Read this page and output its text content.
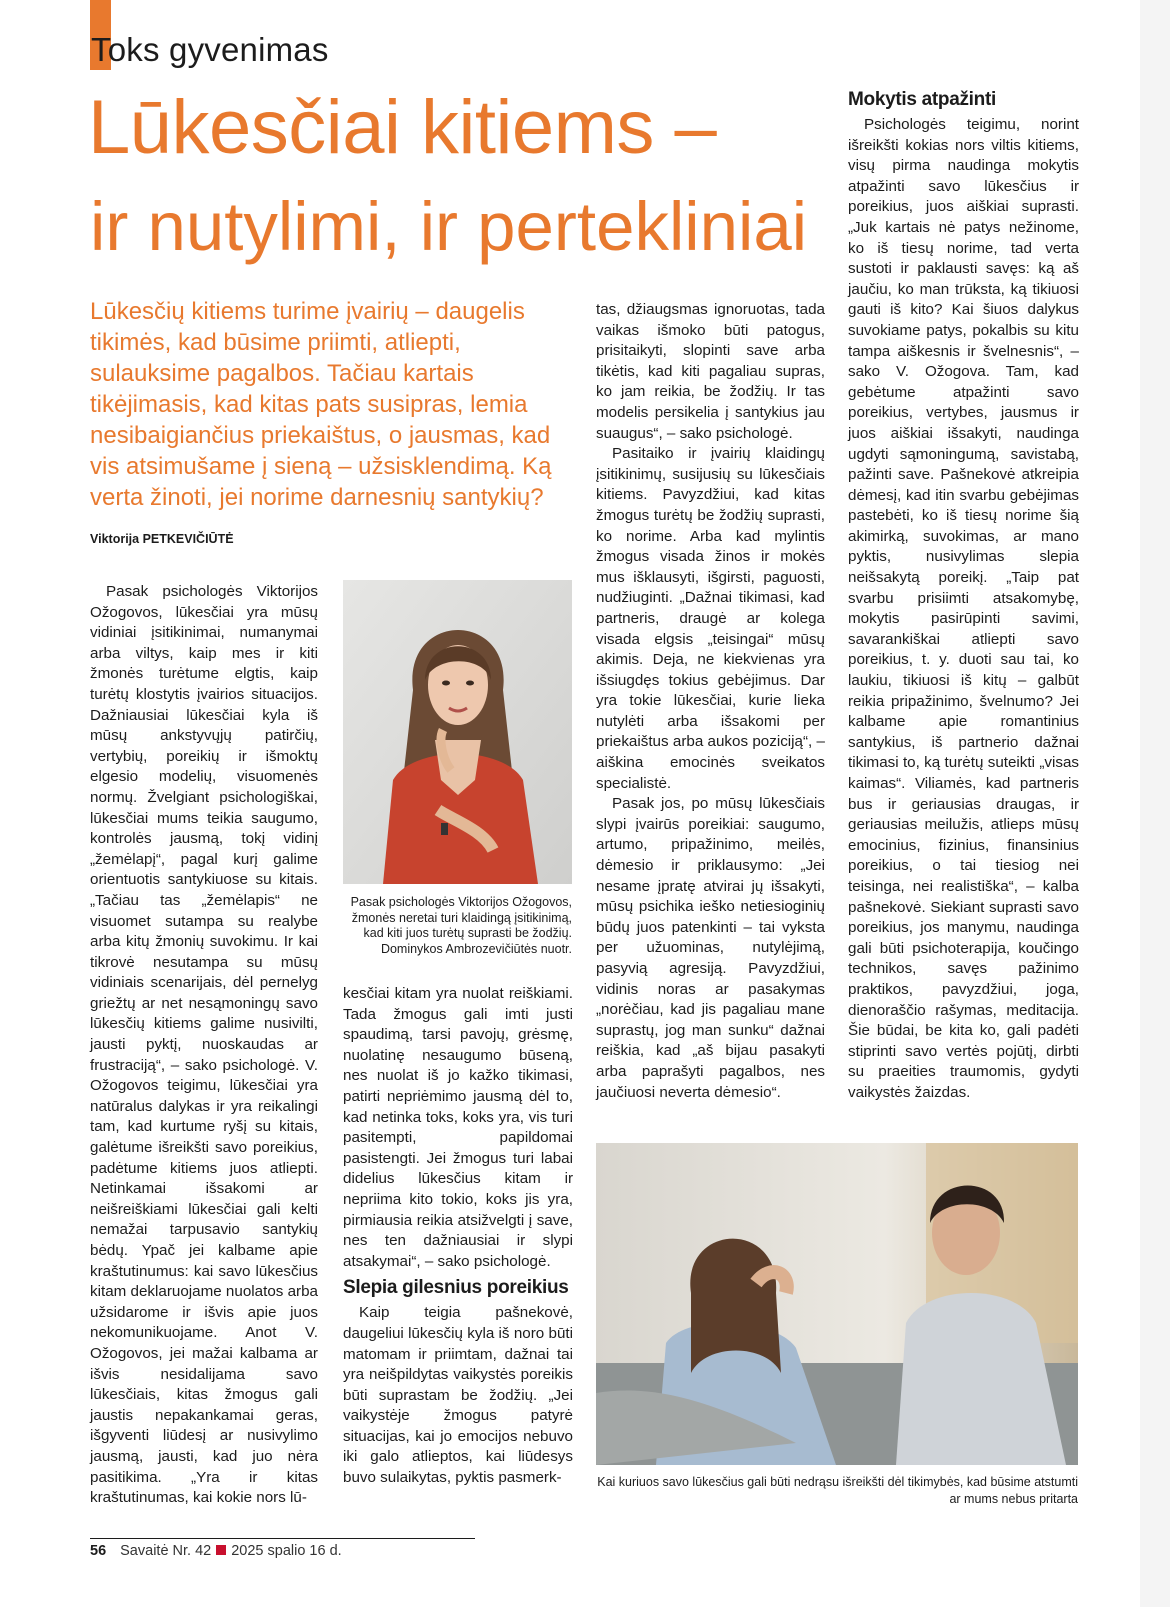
Toks gyvenimas
Lūkesčiai kitiems –
ir nutylimi, ir pertekliniai
Lūkesčių kitiems turime įvairių – daugelis tikimės, kad būsime priimti, atliepti, sulauksime pagalbos. Tačiau kartais tikėjimasis, kad kitas pats susipras, lemia nesibaigiančius priekaištus, o jausmas, kad vis atsimušame į sieną – užsisklendimą. Ką verta žinoti, jei norime darnesnių santykių?
Viktorija PETKEVIČIŪTĖ

Pasak psichologės Viktorijos Ožogovos, lūkesčiai yra mūsų vidiniai įsitikinimai, numanymai arba viltys, kaip mes ir kiti žmonės turėtume elgtis, kaip turėtų klostytis įvairios situacijos. Dažniausiai lūkesčiai kyla iš mūsų ankstyvųjų patirčių, vertybių, poreikių ir išmoktų elgesio modelių, visuomenės normų. Žvelgiant psichologiškai, lūkesčiai mums teikia saugumo, kontrolės jausmą, tokį vidinį „žemėlapį“, pagal kurį galime orientuotis santykiuose su kitais. „Tačiau tas „žemėlapis“ ne visuomet sutampa su realybe arba kitų žmonių suvokimu. Ir kai tikrovė nesutampa su mūsų vidiniais scenarijais, dėl pernelyg griežtų ar net nesąmoningų savo lūkesčių kitiems galime nusivilti, jausti pyktį, nuoskaudas ar frustraciją“, – sako psichologė. V. Ožogovos teigimu, lūkesčiai yra natūralus dalykas ir yra reikalingi tam, kad kurtume ryšį su kitais, galėtume išreikšti savo poreikius, padėtume kitiems juos atliepti. Netinkamai išsakomi ar neišreiškiami lūkesčiai gali kelti nemažai tarpusavio santykių bėdų. Ypač jei kalbame apie kraštutinumus: kai savo lūkesčius kitam deklaruojame nuolatos arba užsidarome ir išvis apie juos nekomunikuojame. Anot V. Ožogovos, jei mažai kalbama ar išvis nesidalijama savo lūkesčiais, kitas žmogus gali jaustis nepakankamai geras, išgyventi liūdesį ar nusivylimo jausmą, jausti, kad juo nėra pasitikima. „Yra ir kitas kraštutinumas, kai kokie nors lū-

Pasak psichologės Viktorijos Ožogovos, žmonės neretai turi klaidingą įsitikinimą, kad kiti juos turėtų suprasti be žodžių.
Dominykos Ambrozevičiūtės nuotr.

kesčiai kitam yra nuolat reiškiami. Tada žmogus gali imti justi spaudimą, tarsi pavojų, grėsmę, nuolatinę nesaugumo būseną, nes nuolat iš jo kažko tikimasi, patirti nepriėmimo jausmą dėl to, kad netinka toks, koks yra, vis turi pasitempti, papildomai pasistengti. Jei žmogus turi labai didelius lūkesčius kitam ir nepriima kito tokio, koks jis yra, pirmiausia reikia atsižvelgti į save, nes ten dažniausiai ir slypi atsakymai“, – sako psichologė.

Slepia gilesnius poreikius

Kaip teigia pašnekovė, daugeliui lūkesčių kyla iš noro būti matomam ir priimtam, dažnai tai yra neišpildytas vaikystės poreikis būti suprastam be žodžių. „Jei vaikystėje žmogus patyrė situacijas, kai jo emocijos nebuvo iki galo atlieptos, kai liūdesys buvo sulaikytas, pyktis pasmerk-

tas, džiaugsmas ignoruotas, tada vaikas išmoko būti patogus, prisitaikyti, slopinti save arba tikėtis, kad kiti pagaliau supras, ko jam reikia, be žodžių. Ir tas modelis persikelia į santykius jau suaugus“, – sako psichologė.

Pasitaiko ir įvairių klaidingų įsitikinimų, susijusių su lūkesčiais kitiems. Pavyzdžiui, kad kitas žmogus turėtų be žodžių suprasti, ko norime. Arba kad mylintis žmogus visada žinos ir mokės mus išklausyti, išgirsti, paguosti, nudžiuginti. „Dažnai tikimasi, kad partneris, draugė ar kolega visada elgsis „teisingai“ mūsų akimis. Deja, ne kiekvienas yra išsiugdęs tokius gebėjimus. Dar yra tokie lūkesčiai, kurie lieka nutylėti arba išsakomi per priekaištus arba aukos poziciją“, – aiškina emocinės sveikatos specialistė.

Pasak jos, po mūsų lūkesčiais slypi įvairūs poreikiai: saugumo, artumo, pripažinimo, meilės, dėmesio ir priklausymo: „Jei nesame įpratę atvirai jų išsakyti, mūsų psichika ieško netiesioginių būdų juos patenkinti – tai vyksta per užuominas, nutylėjimą, pasyvią agresiją. Pavyzdžiui, vidinis noras ar pasakymas „norėčiau, kad jis pagaliau mane suprastų, jog man sunku“ dažnai reiškia, kad „aš bijau pasakyti arba paprašyti pagalbos, nes jaučiuosi neverta dėmesio“.

Mokytis atpažinti

Psichologės teigimu, norint išreikšti kokias nors viltis kitiems, visų pirma naudinga mokytis atpažinti savo lūkesčius ir poreikius, juos aiškiai suprasti. „Juk kartais nė patys nežinome, ko iš tiesų norime, tad verta sustoti ir paklausti savęs: ką aš jaučiu, ko man trūksta, ką tikiuosi gauti iš kito? Kai šiuos dalykus suvokiame patys, pokalbis su kitu tampa aiškesnis ir švelnesnis“, – sako V. Ožogova. Tam, kad gebėtume atpažinti savo poreikius, vertybes, jausmus ir juos aiškiai išsakyti, naudinga ugdyti sąmoningumą, savistabą, pažinti save. Pašnekovė atkreipia dėmesį, kad itin svarbu gebėjimas pastebėti, ko iš tiesų norime šią akimirką, suvokimas, ar mano pyktis, nusivylimas slepia neišsakytą poreikį. „Taip pat svarbu prisiimti atsakomybę, mokytis pasirūpinti savimi, savarankiškai atliepti savo poreikius, t. y. duoti sau tai, ko laukiu, tikiuosi iš kitų – galbūt reikia pripažinimo, švelnumo? Jei kalbame apie romantinius santykius, iš partnerio dažnai tikimasi to, ką turėtų suteikti „visas kaimas“. Viliamės, kad partneris bus ir geriausias draugas, ir geriausias meilužis, atlieps mūsų emocinius, fizinius, finansinius poreikius, o tai tiesiog nei teisinga, nei realistiška“, – kalba pašnekovė. Siekiant suprasti savo poreikius, jos manymu, naudinga gali būti psichoterapija, koučingo technikos, savęs pažinimo praktikos, pavyzdžiui, joga, dienoraščio rašymas, meditacija. Šie būdai, be kita ko, gali padėti stiprinti savo vertės pojūtį, dirbti su praeities traumomis, gydyti vaikystės žaizdas.

Kai kuriuos savo lūkesčius gali būti nedrąsu išreikšti dėl tikimybės, kad būsime atstumti
ar mums nebus pritarta
56 Savaitė Nr. 42 2025 spalio 16 d.
